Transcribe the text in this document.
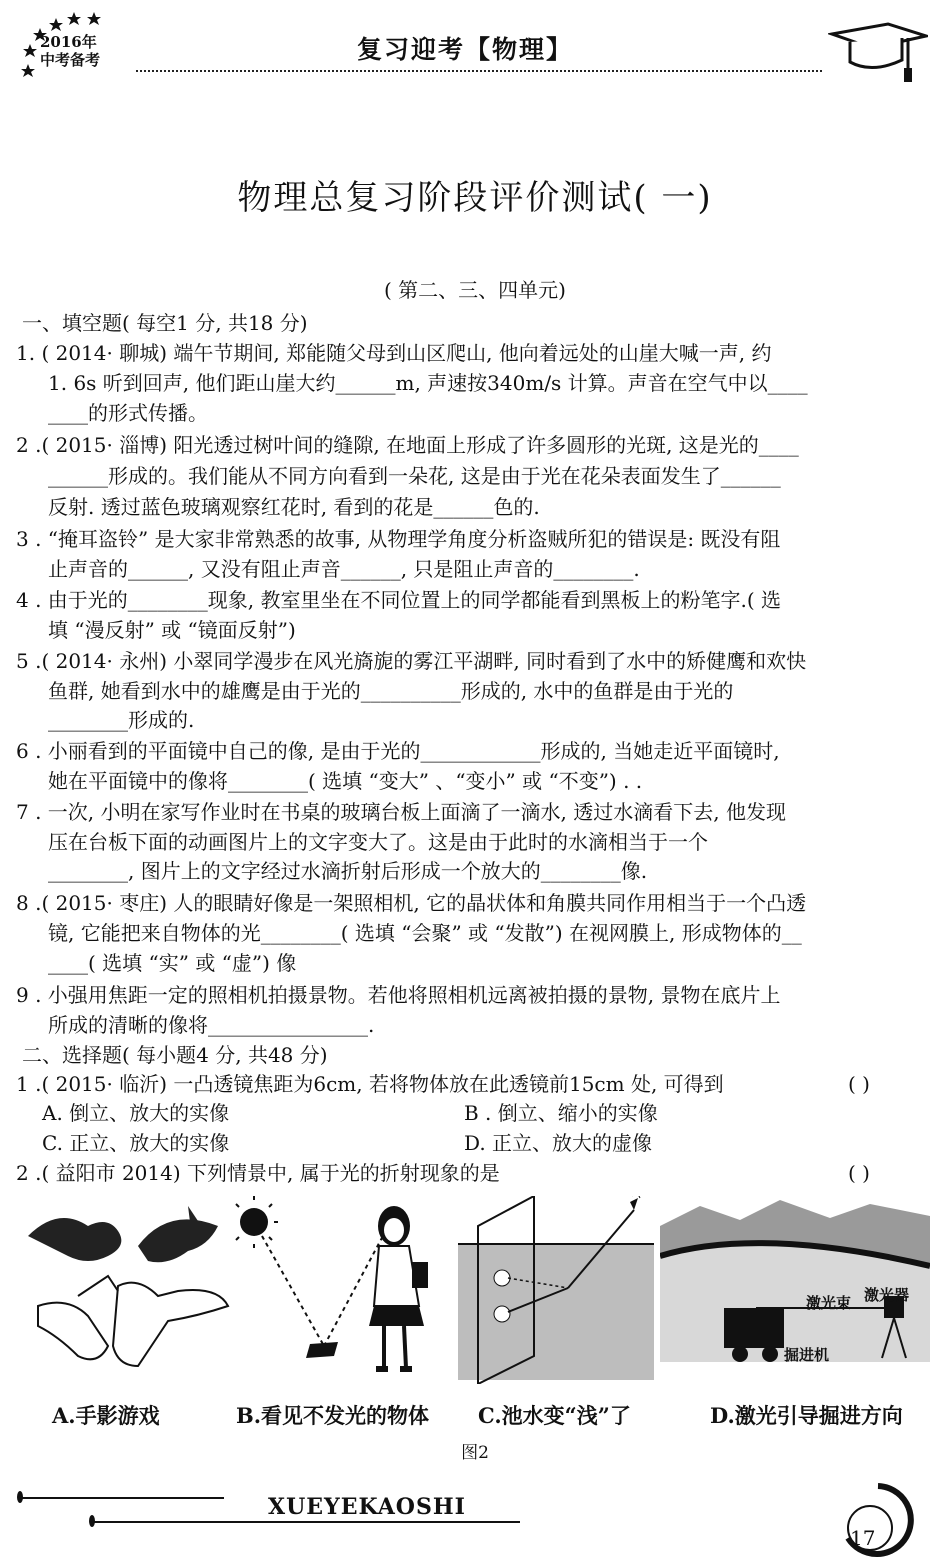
2016年
中考备考	复习迎考【物理】
物理总复习阶段评价测试( 一)
( 第二、三、四单元)
一、填空题( 每空1 分, 共18 分)
1. ( 2014· 聊城) 端午节期间, 郑能随父母到山区爬山, 他向着远处的山崖大喊一声, 约
1. 6s 听到回声, 他们距山崖大约______m, 声速按340m/s 计算。声音在空气中以____
____的形式传播。
2 .( 2015· 淄博) 阳光透过树叶间的缝隙, 在地面上形成了许多圆形的光斑, 这是光的____
______形成的。我们能从不同方向看到一朵花, 这是由于光在花朵表面发生了______
反射. 透过蓝色玻璃观察红花时, 看到的花是______色的.
3 . “掩耳盗铃” 是大家非常熟悉的故事, 从物理学角度分析盗贼所犯的错误是: 既没有阻
止声音的______, 又没有阻止声音______, 只是阻止声音的________.
4 . 由于光的________现象, 教室里坐在不同位置上的同学都能看到黑板上的粉笔字.( 选
填 “漫反射” 或 “镜面反射”)
5 .( 2014· 永州) 小翠同学漫步在风光旖旎的雾江平湖畔, 同时看到了水中的矫健鹰和欢快
鱼群, 她看到水中的雄鹰是由于光的__________形成的, 水中的鱼群是由于光的
________形成的.
6 . 小丽看到的平面镜中自己的像, 是由于光的____________形成的, 当她走近平面镜时,
她在平面镜中的像将________( 选填 “变大” 、“变小” 或 “不变”) . .
7 . 一次, 小明在家写作业时在书桌的玻璃台板上面滴了一滴水, 透过水滴看下去, 他发现
压在台板下面的动画图片上的文字变大了。这是由于此时的水滴相当于一个
________, 图片上的文字经过水滴折射后形成一个放大的________像.
8 .( 2015· 枣庄) 人的眼睛好像是一架照相机, 它的晶状体和角膜共同作用相当于一个凸透
镜, 它能把来自物体的光________( 选填 “会聚” 或 “发散”) 在视网膜上, 形成物体的__
____( 选填 “实” 或 “虚”) 像
9 . 小强用焦距一定的照相机拍摄景物。若他将照相机远离被拍摄的景物, 景物在底片上
所成的清晰的像将________________.
二、选择题( 每小题4 分, 共48 分)
1 .( 2015· 临沂) 一凸透镜焦距为6cm, 若将物体放在此透镜前15cm 处, 可得到	( )
A. 倒立、放大的实像	B . 倒立、缩小的实像
C. 正立、放大的实像	D. 正立、放大的虚像
2 .( 益阳市 2014) 下列情景中, 属于光的折射现象的是	( )
激光束 激光器
掘进机
A.手影游戏	B.看见不发光的物体 C.池水变“浅”了	D.激光引导掘进方向
图2
XUEYEKAOSHI
17
